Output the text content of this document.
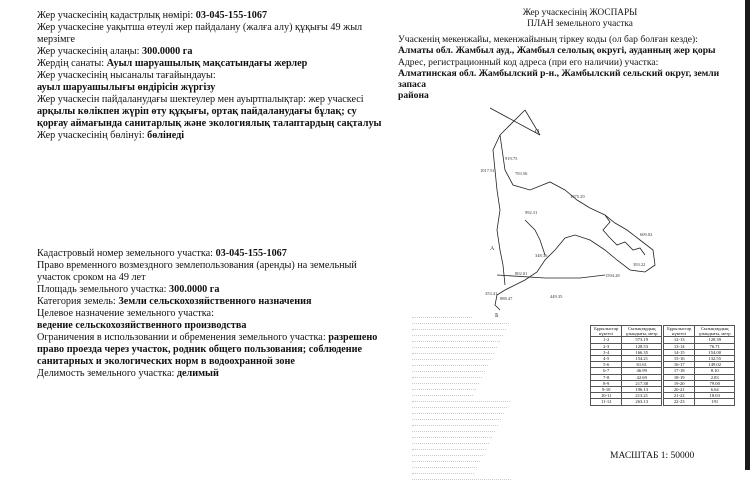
Жер учаскесінің кадастрлық нөмірі: 03-045-155-1067
Жер учаскесіне уақытша өтеулі жер пайдалану (жалға алу) құқығы 49 жыл
мерзімге
Жер учаскесінің алаңы: 300.0000 га
Жердің санаты: Ауыл шаруашылық мақсатындағы жерлер
Жер учаскесінің нысаналы тағайындауы:
ауыл шаруашылығы өндірісін жүргізу
Жер учаскесін пайдаланудағы шектеулер мен ауыртпалықтар: жер учаскесі
арқылы көлікпен жүріп өту құқығы, ортақ пайдаланудағы бұлақ; су
қорғау аймағында санитарлық және экологиялық талаптардың сақталуы
Жер учаскесінің бөлінуі: бөлінеді
Кадастровый номер земельного участка: 03-045-155-1067
Право временного возмездного землепользования (аренды) на земельный
участок сроком на 49 лет
Площадь земельного участка: 300.0000 га
Категория земель: Земли сельскохозяйственного назначения
Целевое назначение земельного участка:
ведение сельскохозяйственного производства
Ограничения в использовании и обременения земельного участка: разрешено
право проезда через участок, родник общего пользования; соблюдение
санитарных и экологических норм в водоохранной зоне
Делимость земельного участка: делимый
Жер учаскесінің ЖОСПАРЫ
ПЛАН земельного участка
Учаскенің мекенжайы, мекенжайының тіркеу коды (ол бар болған кезде):
Алматы обл. Жамбыл ауд., Жамбыл селолық округі, ауданның жер қоры
Адрес, регистрационный код адреса (при его наличии) участка:
Алматинская обл. Жамбылский р-н., Жамбылский сельский округ, земли запаса
района
919.75
1017.51
703.56
1075.29
992.31
348.36
802.01
888.47	449.35
1594.28
393.22
609.02
353.41
О
А
Б
Бұрылыстар нүктесі	Сызықтардың ұзындығы, метр
1-2	573.19
2-3	128.53
3-4	166.35
4-5	154.21
5-6	61.61
6-7	46.99
7-8	42.69
8-9	217.38
9-10	196.13
10-11	213.21
11-12	263.13
Бұрылыстар нүктесі	Сызықтардың ұзындығы, метр
12-13	128.39
13-14	76.71
14-15	154.00
15-16	132.55
16-17	149.02
17-18	8.10
18-19	2.83
19-20	79.00
20-21	6.64
21-22	18.03
22-23	191
МАСШТАБ 1: 50000
